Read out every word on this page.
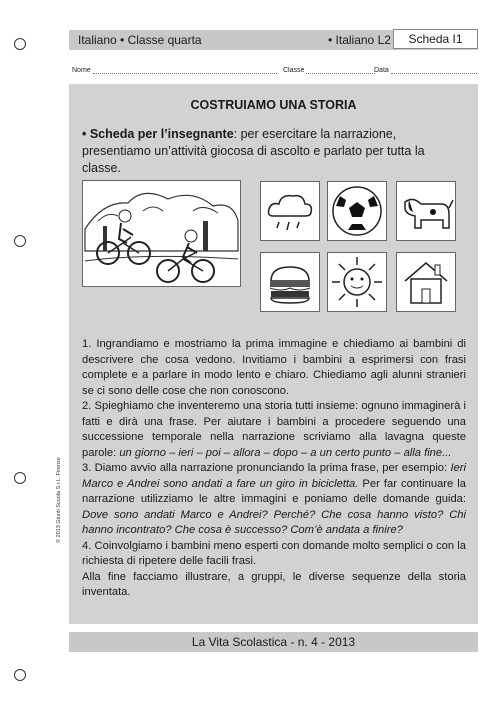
Italiano • Classe quarta	• Italiano L2	Scheda I1
Nome	Classe	Data
COSTRUIAMO UNA STORIA
• Scheda per l’insegnante: per esercitare la narrazione, presentiamo un’attività giocosa di ascolto e parlato per tutta la classe.

1. Ingrandiamo e mostriamo la prima immagine e chiediamo ai bambini di descrivere che cosa vedono. Invitiamo i bambini a esprimersi con frasi complete e a parlare in modo lento e chiaro. Chiediamo agli alunni stranieri se ci sono delle cose che non conoscono.

2. Spieghiamo che inventeremo una storia tutti insieme: ognuno immaginerà i fatti e dirà una frase. Per aiutare i bambini a procedere seguendo una successione temporale nella narrazione scriviamo alla lavagna queste parole: un giorno – ieri – poi – allora – dopo – a un certo punto – alla fine...

3. Diamo avvio alla narrazione pronunciando la prima frase, per esempio: Ieri Marco e Andrei sono andati a fare un giro in bicicletta. Per far continuare la narrazione utilizziamo le altre immagini e poniamo delle domande guida: Dove sono andati Marco e Andrei? Perché? Che cosa hanno visto? Chi hanno incontrato? Che cosa è successo? Com’è andata a finire?

4. Coinvolgiamo i bambini meno esperti con domande molto semplici o con la richiesta di ripetere delle facili frasi.

Alla fine facciamo illustrare, a gruppi, le diverse sequenze della storia inventata.

© 2013 Giunti Scuola S.r.l., Firenze
La Vita Scolastica - n. 4 - 2013
